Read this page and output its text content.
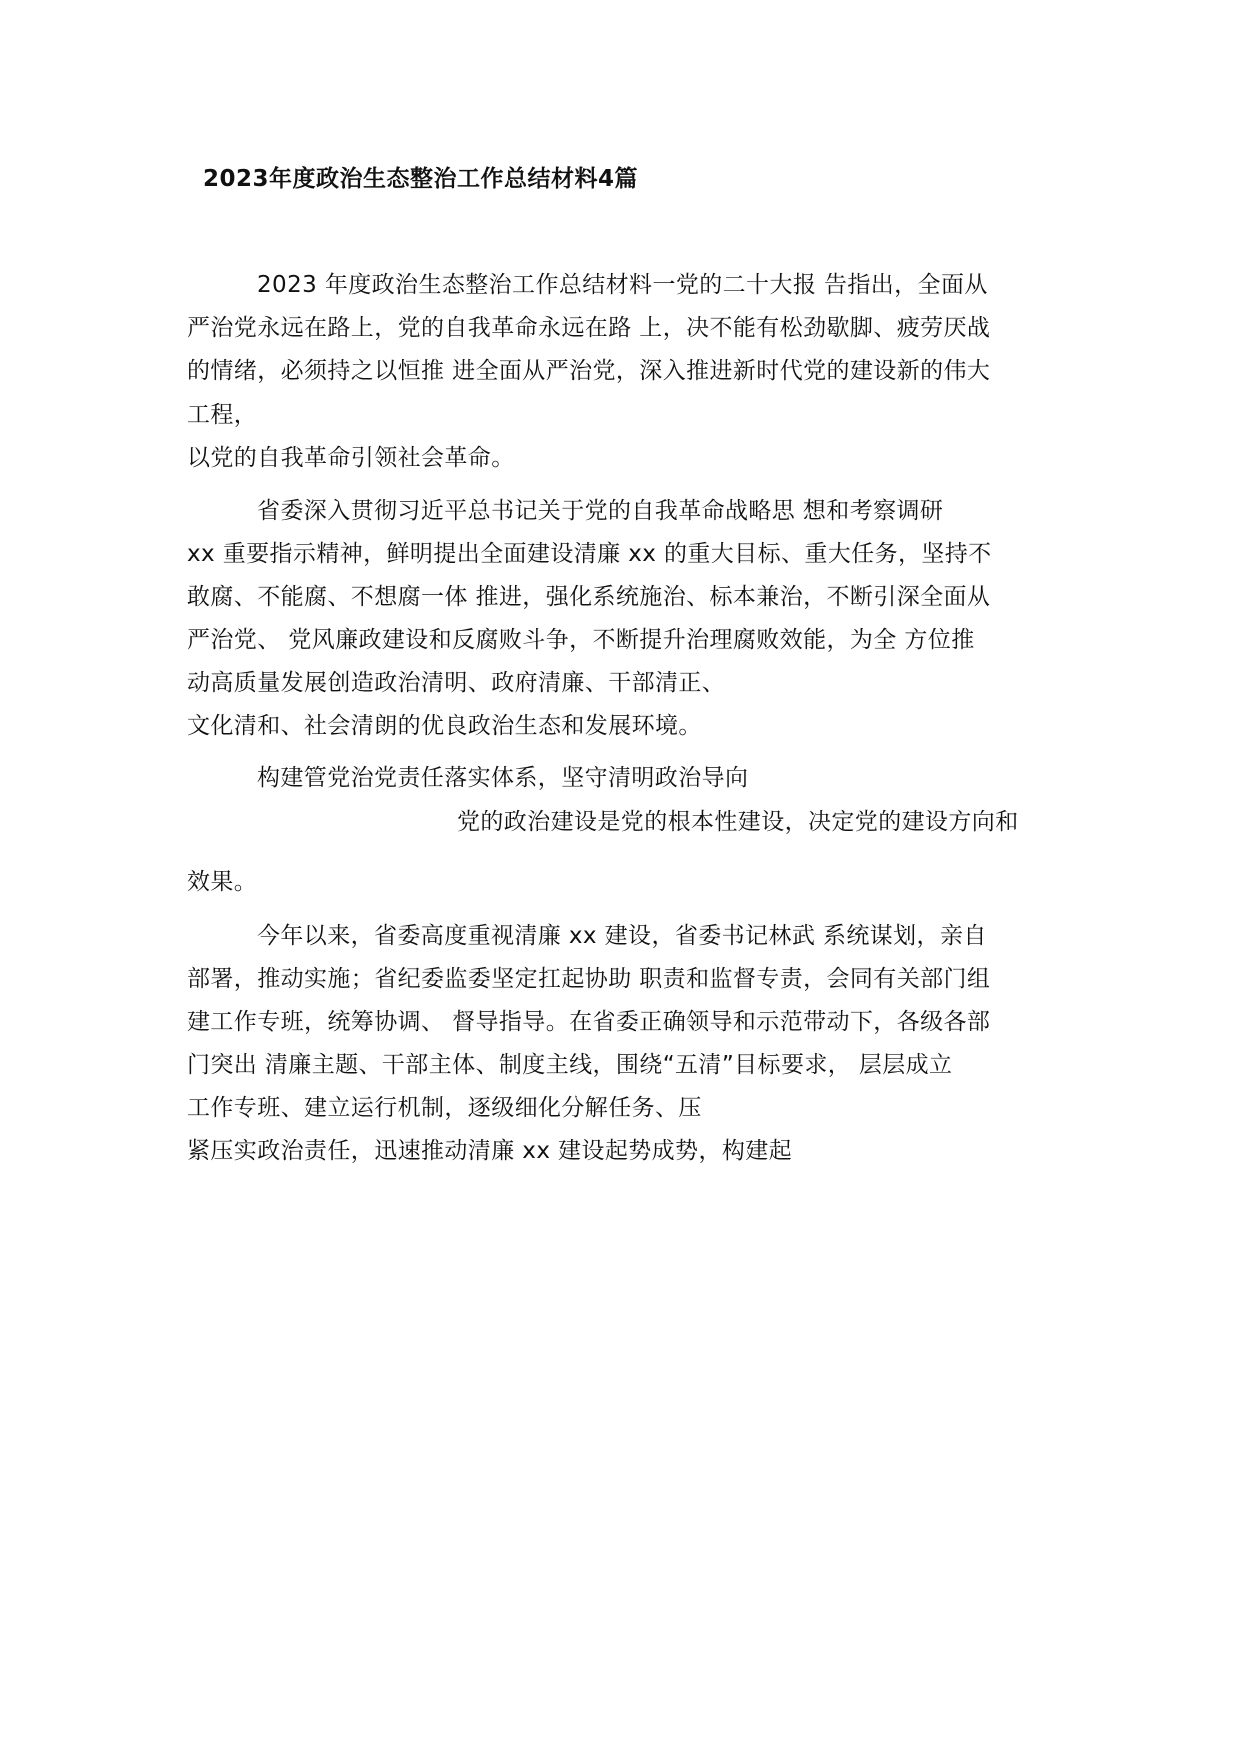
2023年度政治生态整治工作总结材料4篇
2023 年度政治生态整治工作总结材料一党的二十大报 告指出，全面从
严治党永远在路上，党的自我革命永远在路 上，决不能有松劲歇脚、疲劳厌战
的情绪，必须持之以恒推 进全面从严治党，深入推进新时代党的建设新的伟大
工程，
以党的自我革命引领社会革命。
省委深入贯彻习近平总书记关于党的自我革命战略思 想和考察调研
xx 重要指示精神，鲜明提出全面建设清廉 xx 的重大目标、重大任务，坚持不
敢腐、不能腐、不想腐一体 推进，强化系统施治、标本兼治，不断引深全面从
严治党、 党风廉政建设和反腐败斗争，不断提升治理腐败效能，为全 方位推
动高质量发展创造政治清明、政府清廉、干部清正、
文化清和、社会清朗的优良政治生态和发展环境。
构建管党治党责任落实体系，坚守清明政治导向
党的政治建设是党的根本性建设，决定党的建设方向和
效果。
今年以来，省委高度重视清廉 xx 建设，省委书记林武 系统谋划，亲自
部署，推动实施；省纪委监委坚定扛起协助 职责和监督专责，会同有关部门组
建工作专班，统筹协调、 督导指导。在省委正确领导和示范带动下，各级各部
门突出 清廉主题、干部主体、制度主线，围绕“五清”目标要求， 层层成立
工作专班、建立运行机制，逐级细化分解任务、压
紧压实政治责任，迅速推动清廉 xx 建设起势成势，构建起
